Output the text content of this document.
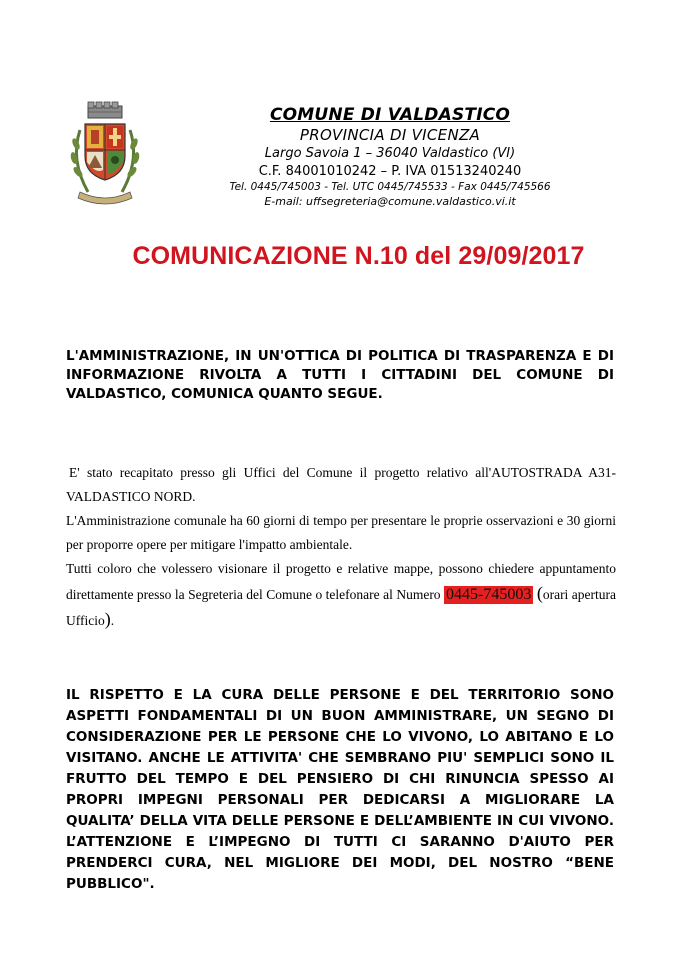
COMUNE DI VALDASTICO
PROVINCIA DI VICENZA
Largo Savoia 1 – 36040 Valdastico (VI)
C.F. 84001010242 – P. IVA 01513240240
Tel. 0445/745003 - Tel. UTC 0445/745533 - Fax 0445/745566
E-mail: uffsegreteria@comune.valdastico.vi.it
COMUNICAZIONE N.10 del 29/09/2017
L'AMMINISTRAZIONE, IN UN'OTTICA DI POLITICA DI TRASPARENZA E DI INFORMAZIONE RIVOLTA A TUTTI I CITTADINI DEL COMUNE DI VALDASTICO, COMUNICA QUANTO SEGUE.

E' stato recapitato presso gli Uffici del Comune il progetto relativo all'AUTOSTRADA A31-VALDASTICO NORD.

L'Amministrazione comunale ha 60 giorni di tempo per presentare le proprie osservazioni e 30 giorni per proporre opere per mitigare l'impatto ambientale.

Tutti coloro che volessero visionare il progetto e relative mappe, possono chiedere appuntamento direttamente presso la Segreteria del Comune o telefonare al Numero 0445-745003 (orari apertura Ufficio).

IL RISPETTO E LA CURA DELLE PERSONE E DEL TERRITORIO SONO ASPETTI FONDAMENTALI DI UN BUON AMMINISTRARE, UN SEGNO DI CONSIDERAZIONE PER LE PERSONE CHE LO VIVONO, LO ABITANO E LO VISITANO. ANCHE LE ATTIVITA' CHE SEMBRANO PIU' SEMPLICI SONO IL FRUTTO DEL TEMPO E DEL PENSIERO DI CHI RINUNCIA SPESSO AI PROPRI IMPEGNI PERSONALI PER DEDICARSI A MIGLIORARE LA QUALITA’ DELLA VITA DELLE PERSONE E DELL’AMBIENTE IN CUI VIVONO. L’ATTENZIONE E L’IMPEGNO DI TUTTI CI SARANNO D'AIUTO PER PRENDERCI CURA, NEL MIGLIORE DEI MODI, DEL NOSTRO “BENE PUBBLICO".
